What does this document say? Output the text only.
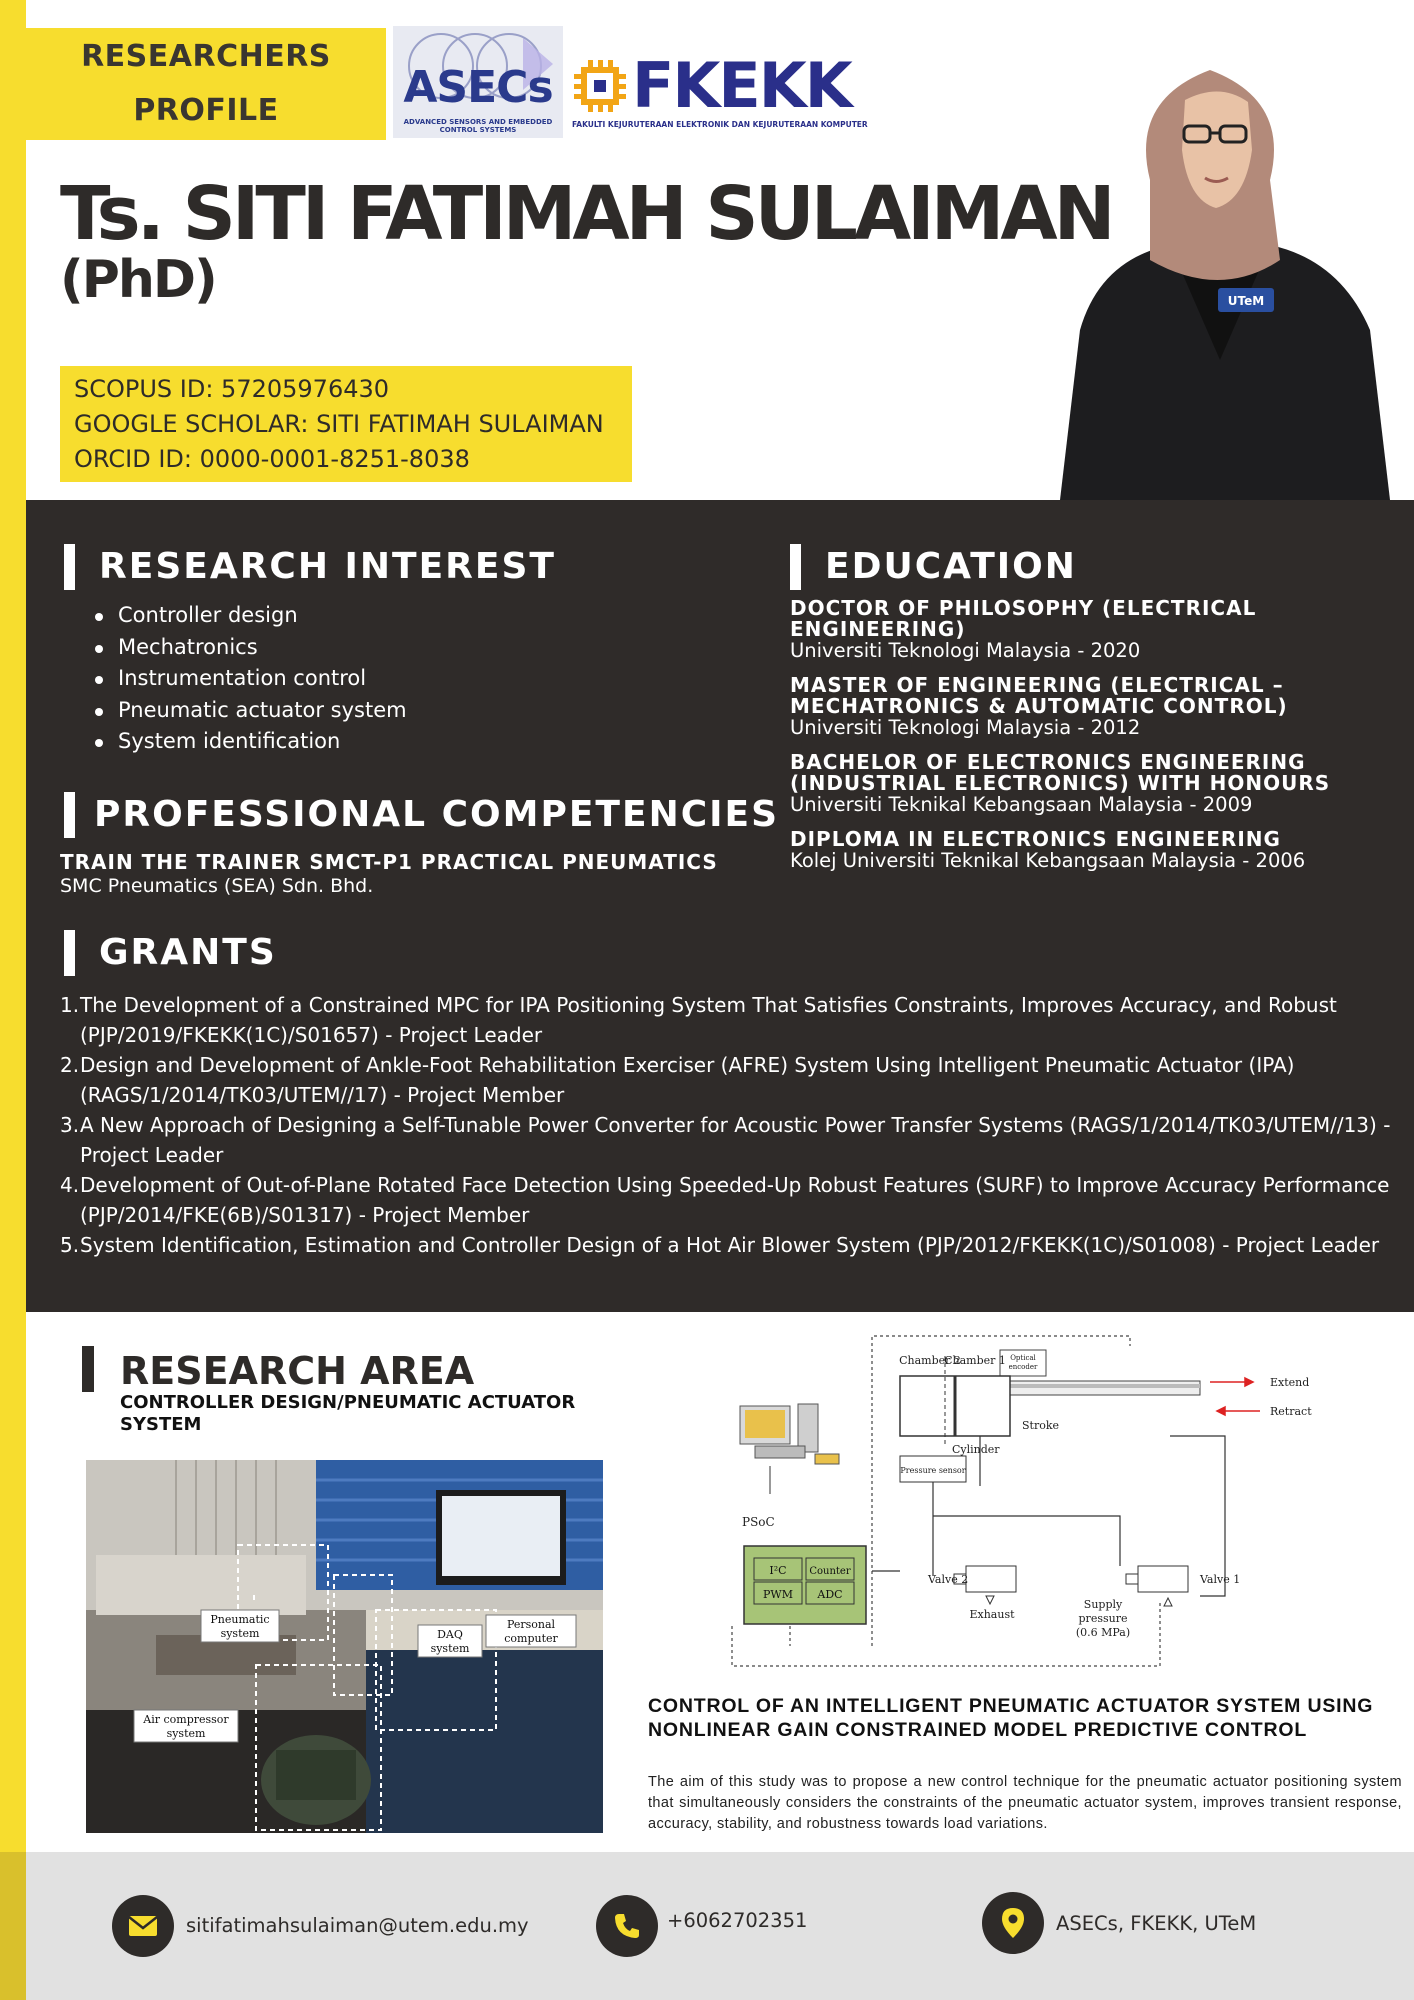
RESEARCHERS
PROFILE	ASECs
ADVANCED SENSORS AND EMBEDDED CONTROL SYSTEMS
FKEKK
FAKULTI KEJURUTERAAN ELEKTRONIK DAN KEJURUTERAAN KOMPUTER
Ts. SITI FATIMAH SULAIMAN
(PhD)

SCOPUS ID: 57205976430

GOOGLE SCHOLAR: SITI FATIMAH SULAIMAN

ORCID ID: 0000-0001-8251-8038

UTeM
RESEARCH INTEREST
Controller design
Mechatronics
Instrumentation control
Pneumatic actuator system
System identification
PROFESSIONAL COMPETENCIES
TRAIN THE TRAINER SMCT-P1 PRACTICAL PNEUMATICS
SMC Pneumatics (SEA) Sdn. Bhd.
EDUCATION
DOCTOR OF PHILOSOPHY (ELECTRICAL ENGINEERING)
Universiti Teknologi Malaysia - 2020
MASTER OF ENGINEERING (ELECTRICAL – MECHATRONICS & AUTOMATIC CONTROL)
Universiti Teknologi Malaysia - 2012
BACHELOR OF ELECTRONICS ENGINEERING (INDUSTRIAL ELECTRONICS) WITH HONOURS
Universiti Teknikal Kebangsaan Malaysia - 2009
DIPLOMA IN ELECTRONICS ENGINEERING
Kolej Universiti Teknikal Kebangsaan Malaysia - 2006
GRANTS
1. The Development of a Constrained MPC for IPA Positioning System That Satisfies Constraints, Improves Accuracy, and Robust (PJP/2019/FKEKK(1C)/S01657) - Project Leader
2. Design and Development of Ankle-Foot Rehabilitation Exerciser (AFRE) System Using Intelligent Pneumatic Actuator (IPA) (RAGS/1/2014/TK03/UTEM//17) - Project Member
3. A New Approach of Designing a Self-Tunable Power Converter for Acoustic Power Transfer Systems (RAGS/1/2014/TK03/UTEM//13) - Project Leader
4. Development of Out-of-Plane Rotated Face Detection Using Speeded-Up Robust Features (SURF) to Improve Accuracy Performance (PJP/2014/FKE(6B)/S01317) - Project Member
5. System Identification, Estimation and Controller Design of a Hot Air Blower System (PJP/2012/FKEKK(1C)/S01008) - Project Leader
RESEARCH AREA
CONTROLLER DESIGN/PNEUMATIC ACTUATOR SYSTEM
Pneumatic
system	DAQ
system
Personal
computer
Air compressor
system
Optical encoder
Chamber 2
Chamber 1
Stroke
Cylinder
Extend
Retract
PSoC
Pressure sensor
I²C Counter
PWM ADC
Valve 2	Valve 1
Exhaust
Supply
pressure
(0.6 MPa)
CONTROL OF AN INTELLIGENT PNEUMATIC ACTUATOR SYSTEM USING NONLINEAR GAIN CONSTRAINED MODEL PREDICTIVE CONTROL
The aim of this study was to propose a new control technique for the pneumatic actuator positioning system that simultaneously considers the constraints of the pneumatic actuator system, improves transient response, accuracy, stability, and robustness towards load variations.
sitifatimahsulaiman@utem.edu.my	+6062702351	ASECs, FKEKK, UTeM
